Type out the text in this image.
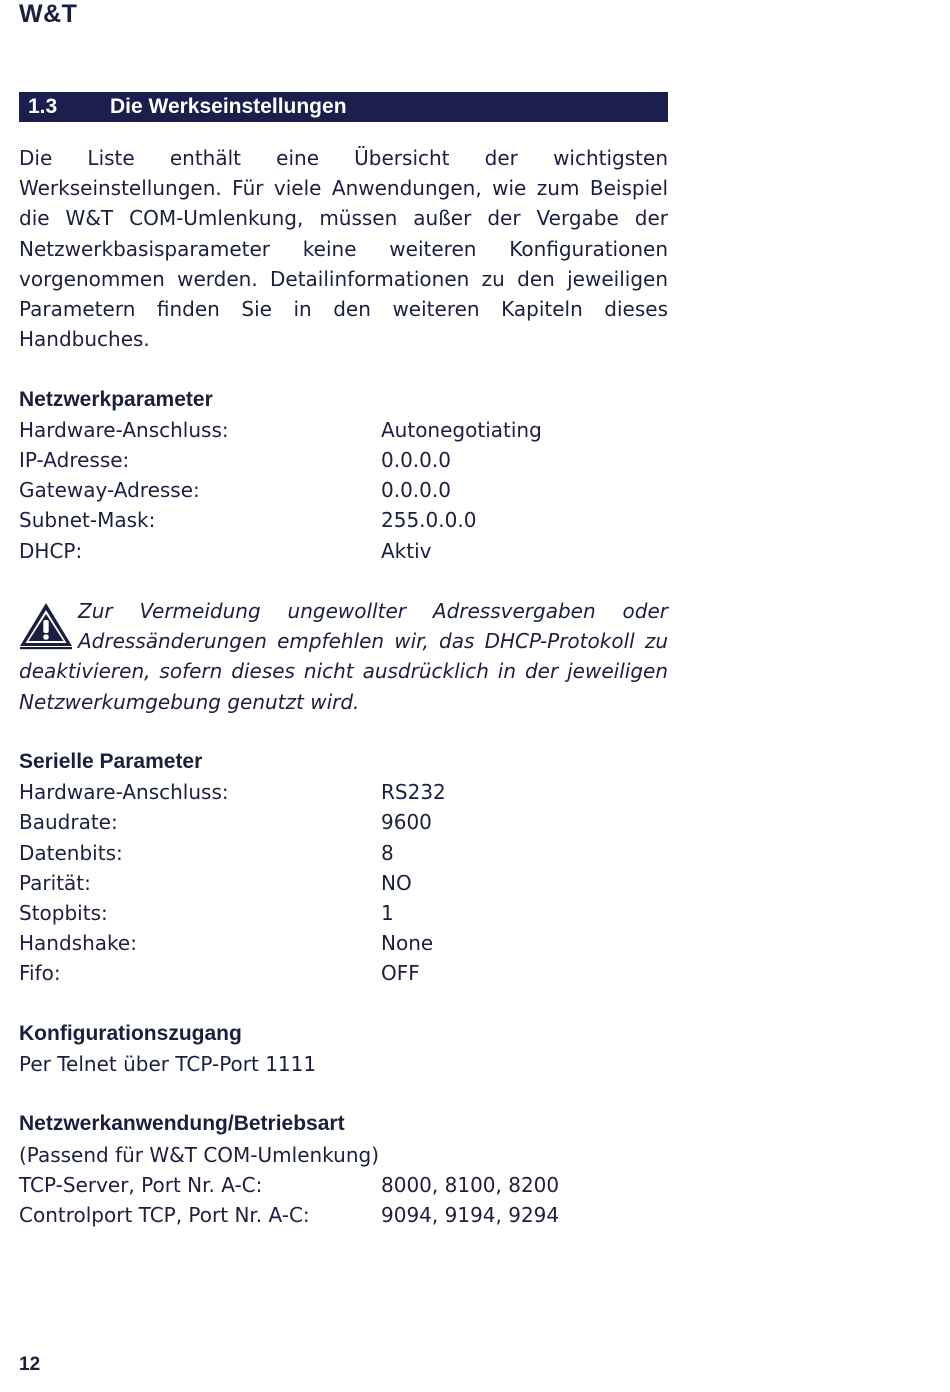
W&T
1.3	Die Werkseinstellungen

Die Liste enthält eine Übersicht der wichtigsten Werkseinstellungen. Für viele Anwendungen, wie zum Beispiel die W&T COM-Umlenkung, müssen außer der Vergabe der Netzwerkbasisparameter keine weiteren Konfigurationen vorgenommen werden. Detailinformationen zu den jeweiligen Parametern finden Sie in den weiteren Kapiteln dieses Handbuches.

Netzwerkparameter

Hardware-Anschluss:	Autonegotiating
IP-Adresse:	0.0.0.0
Gateway-Adresse:	0.0.0.0
Subnet-Mask:	255.0.0.0
DHCP:	Aktiv

Zur Vermeidung ungewollter Adressvergaben oder Adressänderungen empfehlen wir, das DHCP-Protokoll zu deaktivieren, sofern dieses nicht ausdrücklich in der jeweiligen Netzwerkumgebung genutzt wird.

Serielle Parameter

Hardware-Anschluss:	RS232
Baudrate:	9600
Datenbits:	8
Parität:	NO
Stopbits:	1
Handshake:	None
Fifo:	OFF

Konfigurationszugang

Per Telnet über TCP-Port 1111

Netzwerkanwendung/Betriebsart

(Passend für W&T COM-Umlenkung)

TCP-Server, Port Nr. A-C:	8000, 8100, 8200
Controlport TCP, Port Nr. A-C:	9094, 9194, 9294
12
